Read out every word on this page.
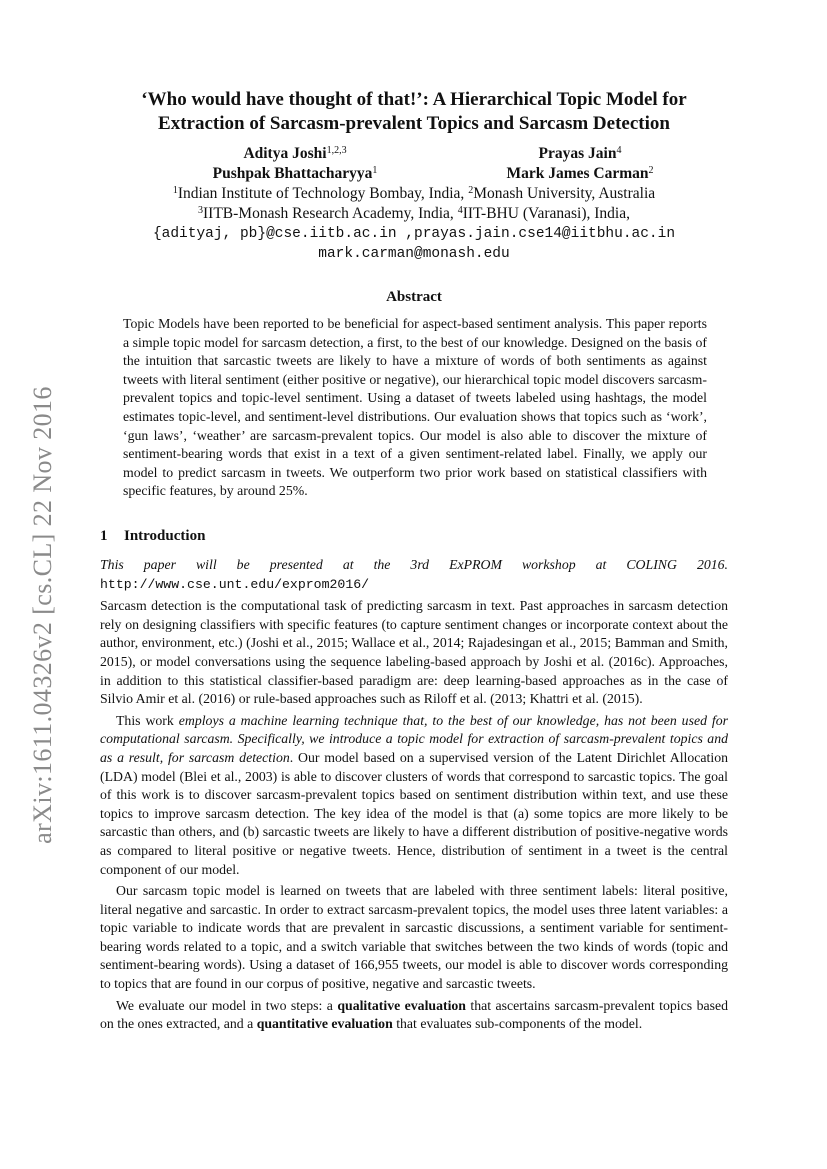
arXiv:1611.04326v2 [cs.CL] 22 Nov 2016
‘Who would have thought of that!’: A Hierarchical Topic Model for
Extraction of Sarcasm-prevalent Topics and Sarcasm Detection
Aditya Joshi$^{1,2,3}$	Prayas Jain$^4$
Pushpak Bhattacharyya$^1$	Mark James Carman$^2$
$^1$Indian Institute of Technology Bombay, India, $^2$Monash University, Australia
$^3$IITB-Monash Research Academy, India, $^4$IIT-BHU (Varanasi), India,
{adityaj, pb}@cse.iitb.ac.in ,prayas.jain.cse14@iitbhu.ac.in
mark.carman@monash.edu
Abstract

Topic Models have been reported to be beneficial for aspect-based sentiment analysis. This paper reports a simple topic model for sarcasm detection, a first, to the best of our knowledge. Designed on the basis of the intuition that sarcastic tweets are likely to have a mixture of words of both sentiments as against tweets with literal sentiment (either positive or negative), our hierarchical topic model discovers sarcasm-prevalent topics and topic-level sentiment. Using a dataset of tweets labeled using hashtags, the model estimates topic-level, and sentiment-level distributions. Our evaluation shows that topics such as ‘work’, ‘gun laws’, ‘weather’ are sarcasm-prevalent topics. Our model is also able to discover the mixture of sentiment-bearing words that exist in a text of a given sentiment-related label. Finally, we apply our model to predict sarcasm in tweets. We outperform two prior work based on statistical classifiers with specific features, by around 25%.

1 Introduction

This paper will be presented at the 3rd ExPROM workshop at COLING 2016. http://www.cse.unt.edu/exprom2016/

Sarcasm detection is the computational task of predicting sarcasm in text. Past approaches in sarcasm detection rely on designing classifiers with specific features (to capture sentiment changes or incorporate context about the author, environment, etc.) (Joshi et al., 2015; Wallace et al., 2014; Rajadesingan et al., 2015; Bamman and Smith, 2015), or model conversations using the sequence labeling-based approach by Joshi et al. (2016c). Approaches, in addition to this statistical classifier-based paradigm are: deep learning-based approaches as in the case of Silvio Amir et al. (2016) or rule-based approaches such as Riloff et al. (2013; Khattri et al. (2015).

This work employs a machine learning technique that, to the best of our knowledge, has not been used for computational sarcasm. Specifically, we introduce a topic model for extraction of sarcasm-prevalent topics and as a result, for sarcasm detection. Our model based on a supervised version of the Latent Dirichlet Allocation (LDA) model (Blei et al., 2003) is able to discover clusters of words that correspond to sarcastic topics. The goal of this work is to discover sarcasm-prevalent topics based on sentiment distribution within text, and use these topics to improve sarcasm detection. The key idea of the model is that (a) some topics are more likely to be sarcastic than others, and (b) sarcastic tweets are likely to have a different distribution of positive-negative words as compared to literal positive or negative tweets. Hence, distribution of sentiment in a tweet is the central component of our model.

Our sarcasm topic model is learned on tweets that are labeled with three sentiment labels: literal positive, literal negative and sarcastic. In order to extract sarcasm-prevalent topics, the model uses three latent variables: a topic variable to indicate words that are prevalent in sarcastic discussions, a sentiment variable for sentiment-bearing words related to a topic, and a switch variable that switches between the two kinds of words (topic and sentiment-bearing words). Using a dataset of 166,955 tweets, our model is able to discover words corresponding to topics that are found in our corpus of positive, negative and sarcastic tweets.

We evaluate our model in two steps: a qualitative evaluation that ascertains sarcasm-prevalent topics based on the ones extracted, and a quantitative evaluation that evaluates sub-components of the model.
